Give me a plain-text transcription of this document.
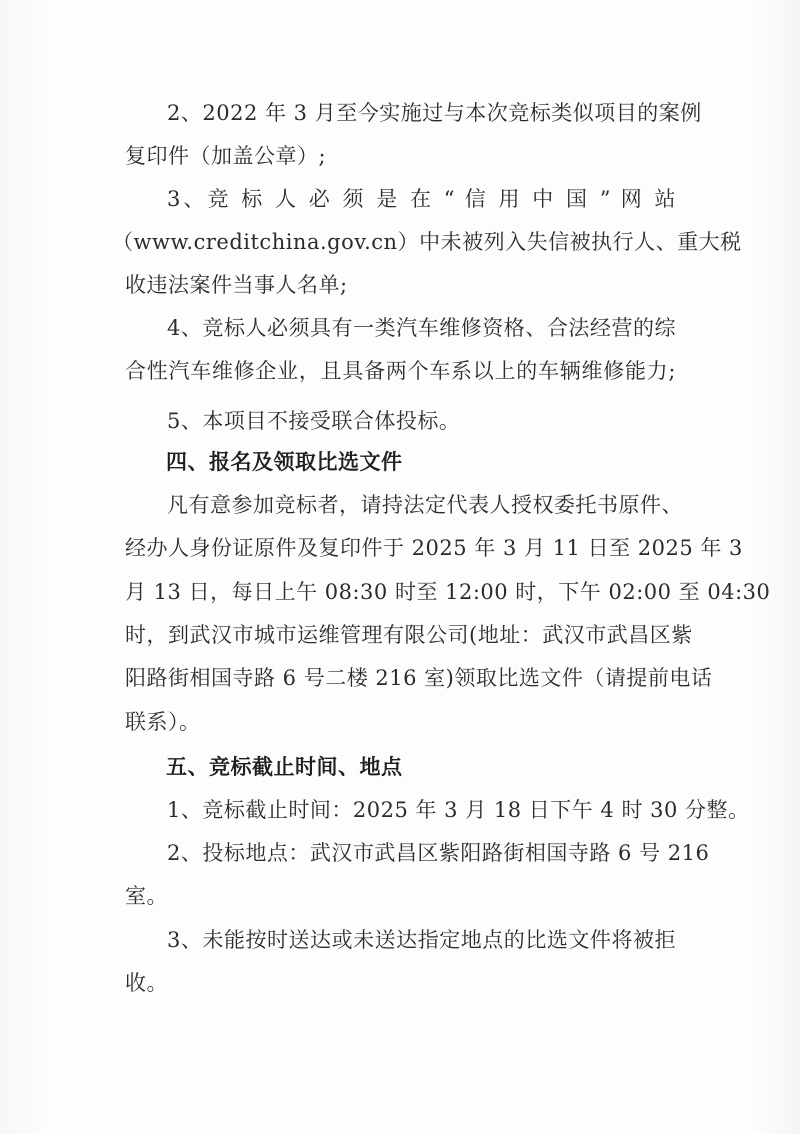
2、2022 年 3 月至今实施过与本次竞标类似项目的案例
复印件（加盖公章）;
3、竞 标 人 必 须 是 在 “ 信 用 中 国 ” 网 站
（www.creditchina.gov.cn）中未被列入失信被执行人、重大税
收违法案件当事人名单;
4、竞标人必须具有一类汽车维修资格、合法经营的综
合性汽车维修企业，且具备两个车系以上的车辆维修能力;
5、本项目不接受联合体投标。
四、报名及领取比选文件
凡有意参加竞标者，请持法定代表人授权委托书原件、
经办人身份证原件及复印件于 2025 年 3 月 11 日至 2025 年 3
月 13 日，每日上午 08:30 时至 12:00 时，下午 02:00 至 04:30
时，到武汉市城市运维管理有限公司(地址：武汉市武昌区紫
阳路街相国寺路 6 号二楼 216 室)领取比选文件（请提前电话
联系）。
五、竞标截止时间、地点
1、竞标截止时间：2025 年 3 月 18 日下午 4 时 30 分整。
2、投标地点：武汉市武昌区紫阳路街相国寺路 6 号 216
室。
3、未能按时送达或未送达指定地点的比选文件将被拒
收。
